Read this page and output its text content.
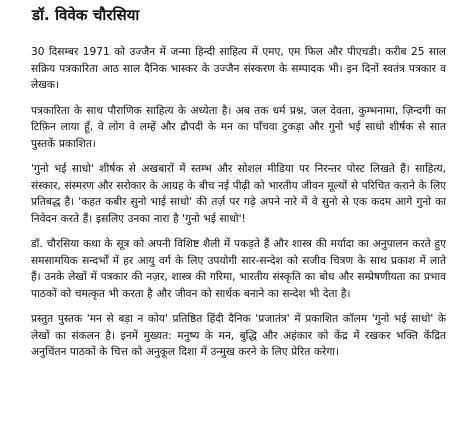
डॉ. विवेक चौरसिया

30 दिसम्बर 1971 को उज्जैन में जन्मा हिन्दी साहित्य में एमए, एम फिल और पीएचडी। करीब 25 साल सक्रिय पत्रकारिता आठ साल दैनिक भास्कर के उज्जैन संस्करण के सम्पादक भी। इन दिनों स्वतंत्र पत्रकार व लेखक।

पत्रकारिता के साथ पौराणिक साहित्य के अध्येता है। अब तक धर्म प्रश्न, जल देवता, कुम्भनामा, ज़िन्दगी का टिफ़िन लाया हूँ, वे लोग वे लम्हें और द्रौपदी के मन का पाँचवा टुकड़ा और गुनो भई साधो शीर्षक से सात पुस्तकें प्रकाशित।

'गुनो भई साधो' शीर्षक से अखबारों में स्तम्भ और सोशल मीडिया पर निरन्तर पोस्ट लिखते हैं। साहित्य, संस्कार, संस्मरण और सरोकार के आग्रह के बीच नई पीढ़ी को भारतीय जीवन मूल्यों से परिचित कराने के लिए प्रतिबद्ध है। 'कहत कबीर सुनो भाई साधो' की तर्ज़ पर गढ़े अपने नारे में वे सुनो से एक कदम आगे गुनो का निवेदन करते हैं। इसलिए उनका नारा है 'गुनो भई साधो'!

डॉ. चौरसिया कथा के सूत्र को अपनी विशिष्ट शैली में पकड़ते हैं और शास्त्र की मर्यादा का अनुपालन करते हुए समसामयिक सन्दर्भों में हर आयु वर्ग के लिए उपयोगी सार-सन्देश को सजीव चित्रण के साथ प्रकाश में लाते हैं। उनके लेखों में पत्रकार की नज़र, शास्त्र की गरिमा, भारतीय संस्कृति का बोध और सम्प्रेषणीयता का प्रभाव पाठकों को चमत्कृत भी करता है और जीवन को सार्थक बनाने का सन्देश भी देता है।

प्रस्तुत पुस्तक 'मन से बड़ा न कोय' प्रतिष्ठित हिंदी दैनिक 'प्रजातंत्र' में प्रकाशित कॉलम 'गुनो भई साधो' के लेखों का संकलन है। इनमें मुख्यत: मनुष्य के मन, बुद्धि और अहंकार को केंद्र में रखकर भक्ति केंद्रित अनुचिंतन पाठकों के चित्त को अनुकूल दिशा में उन्मुख करने के लिए प्रेरित करेगा।
